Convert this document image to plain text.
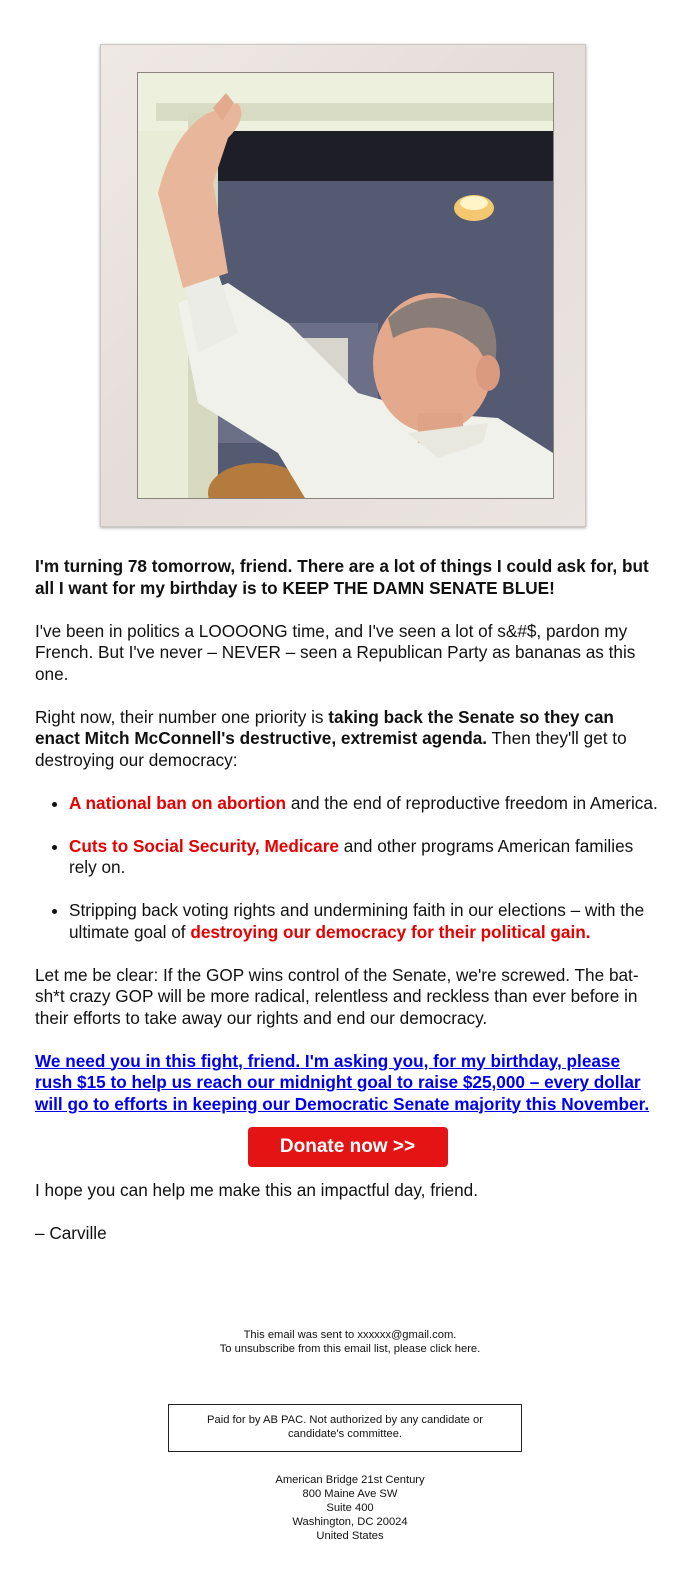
I'm turning 78 tomorrow, friend. There are a lot of things I could ask for, but all I want for my birthday is to KEEP THE DAMN SENATE BLUE!

I've been in politics a LOOOONG time, and I've seen a lot of s&#$, pardon my French. But I've never – NEVER – seen a Republican Party as bananas as this one.

Right now, their number one priority is taking back the Senate so they can enact Mitch McConnell's destructive, extremist agenda. Then they'll get to destroying our democracy:

• A national ban on abortion and the end of reproductive freedom in America.
• Cuts to Social Security, Medicare and other programs American families rely on.
• Stripping back voting rights and undermining faith in our elections – with the ultimate goal of destroying our democracy for their political gain.

Let me be clear: If the GOP wins control of the Senate, we're screwed. The bat-sh*t crazy GOP will be more radical, relentless and reckless than ever before in their efforts to take away our rights and end our democracy.

We need you in this fight, friend. I'm asking you, for my birthday, please rush $15 to help us reach our midnight goal to raise $25,000 – every dollar will go to efforts in keeping our Democratic Senate majority this November.

Donate now >>

I hope you can help me make this an impactful day, friend.

– Carville

This email was sent to xxxxxx@gmail.com.
To unsubscribe from this email list, please click here.
Paid for by AB PAC. Not authorized by any candidate or candidate's committee.
American Bridge 21st Century
800 Maine Ave SW
Suite 400
Washington, DC 20024
United States
